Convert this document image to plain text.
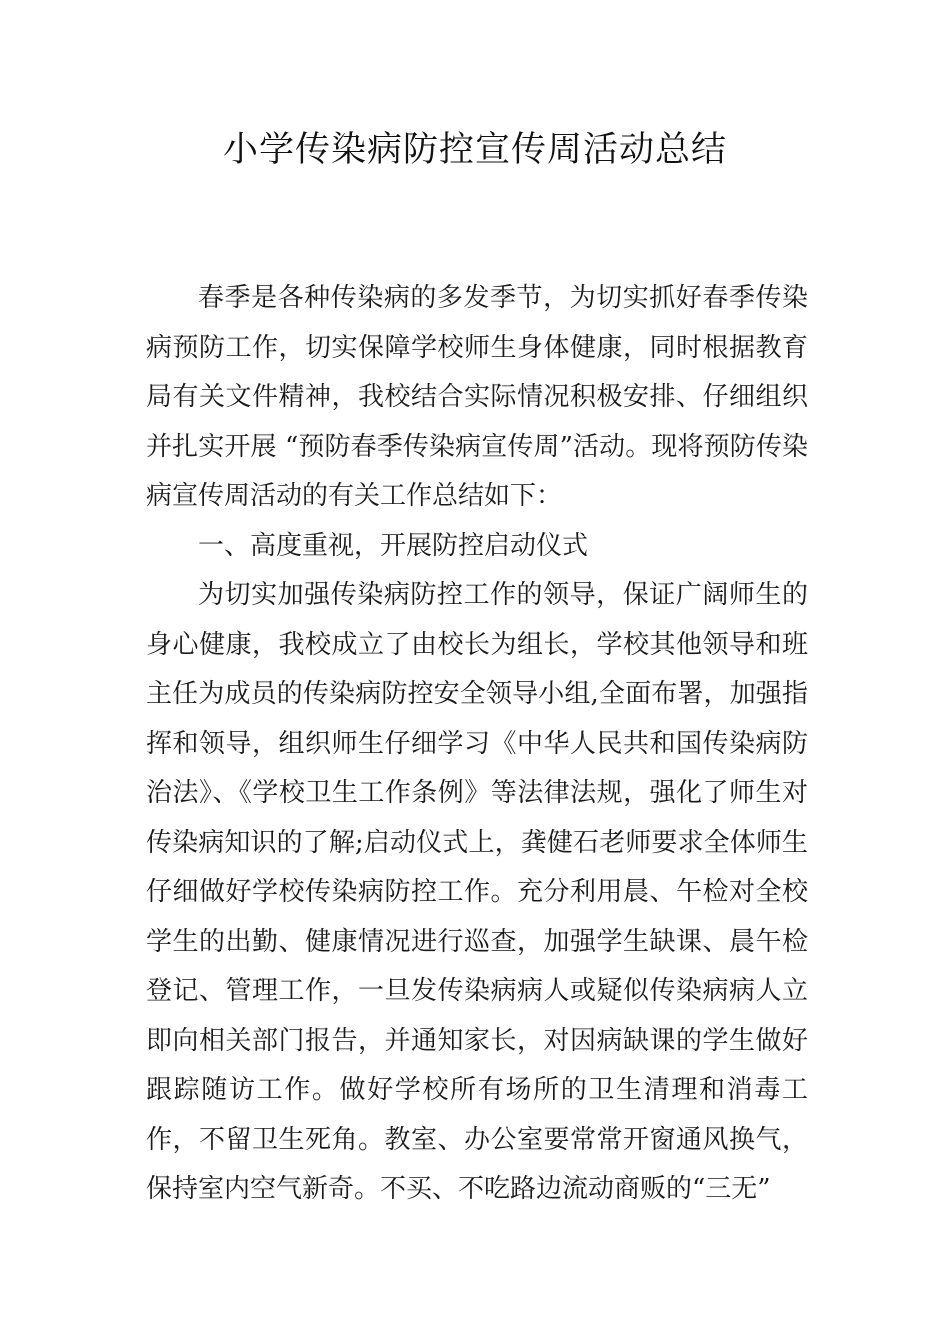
小学传染病防控宣传周活动总结

春季是各种传染病的多发季节，为切实抓好春季传染病预防工作，切实保障学校师生身体健康，同时根据教育局有关文件精神，我校结合实际情况积极安排、仔细组织并扎实开展 “预防春季传染病宣传周”活动。现将预防传染病宣传周活动的有关工作总结如下：

一、高度重视，开展防控启动仪式

为切实加强传染病防控工作的领导，保证广阔师生的身心健康，我校成立了由校长为组长，学校其他领导和班主任为成员的传染病防控安全领导小组,全面布署，加强指挥和领导，组织师生仔细学习《中华人民共和国传染病防治法》、《学校卫生工作条例》等法律法规，强化了师生对传染病知识的了解;启动仪式上，龚健石老师要求全体师生仔细做好学校传染病防控工作。充分利用晨、午检对全校学生的出勤、健康情况进行巡查，加强学生缺课、晨午检登记、管理工作，一旦发传染病病人或疑似传染病病人立即向相关部门报告，并通知家长，对因病缺课的学生做好跟踪随访工作。做好学校所有场所的卫生清理和消毒工作，不留卫生死角。教室、办公室要常常开窗通风换气，保持室内空气新奇。不买、不吃路边流动商贩的“三无”
